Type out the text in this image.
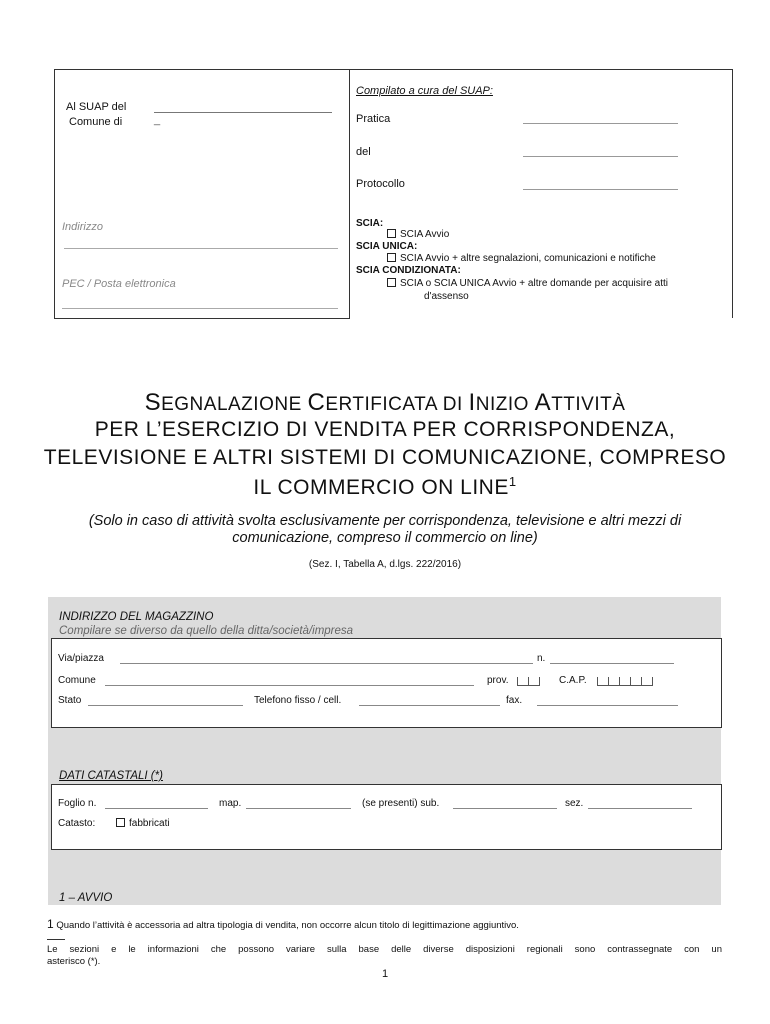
Al SUAP del
Comune di	_
Indirizzo
PEC / Posta elettronica
Compilato a cura del SUAP:
Pratica
del
Protocollo
SCIA:
SCIA Avvio
SCIA UNICA:
SCIA Avvio + altre segnalazioni, comunicazioni e notifiche
SCIA CONDIZIONATA:
SCIA o SCIA UNICA Avvio + altre domande per acquisire atti
d'assenso
SEGNALAZIONE CERTIFICATA DI INIZIO ATTIVITÀ
PER L’ESERCIZIO DI VENDITA PER CORRISPONDENZA,
TELEVISIONE E ALTRI SISTEMI DI COMUNICAZIONE, COMPRESO
IL COMMERCIO ON LINE$^1$
(Solo in caso di attività svolta esclusivamente per corrispondenza, televisione e altri mezzi di
comunicazione, compreso il commercio on line)
(Sez. I, Tabella A, d.lgs. 222/2016)
INDIRIZZO DEL MAGAZZINO
Compilare se diverso da quello della ditta/società/impresa
Via/piazza	n.
Comune	prov.	C.A.P.
Stato	Telefono fisso / cell.	fax.
DATI CATASTALI (*)
Foglio n.	map.	(se presenti) sub.	sez.
Catasto:	fabbricati
1 – AVVIO
1 Quando l’attività è accessoria ad altra tipologia di vendita, non occorre alcun titolo di legittimazione aggiuntivo.
Le sezioni e le informazioni che possono variare sulla base delle diverse disposizioni regionali sono contrassegnate con un
asterisco (*).
1
